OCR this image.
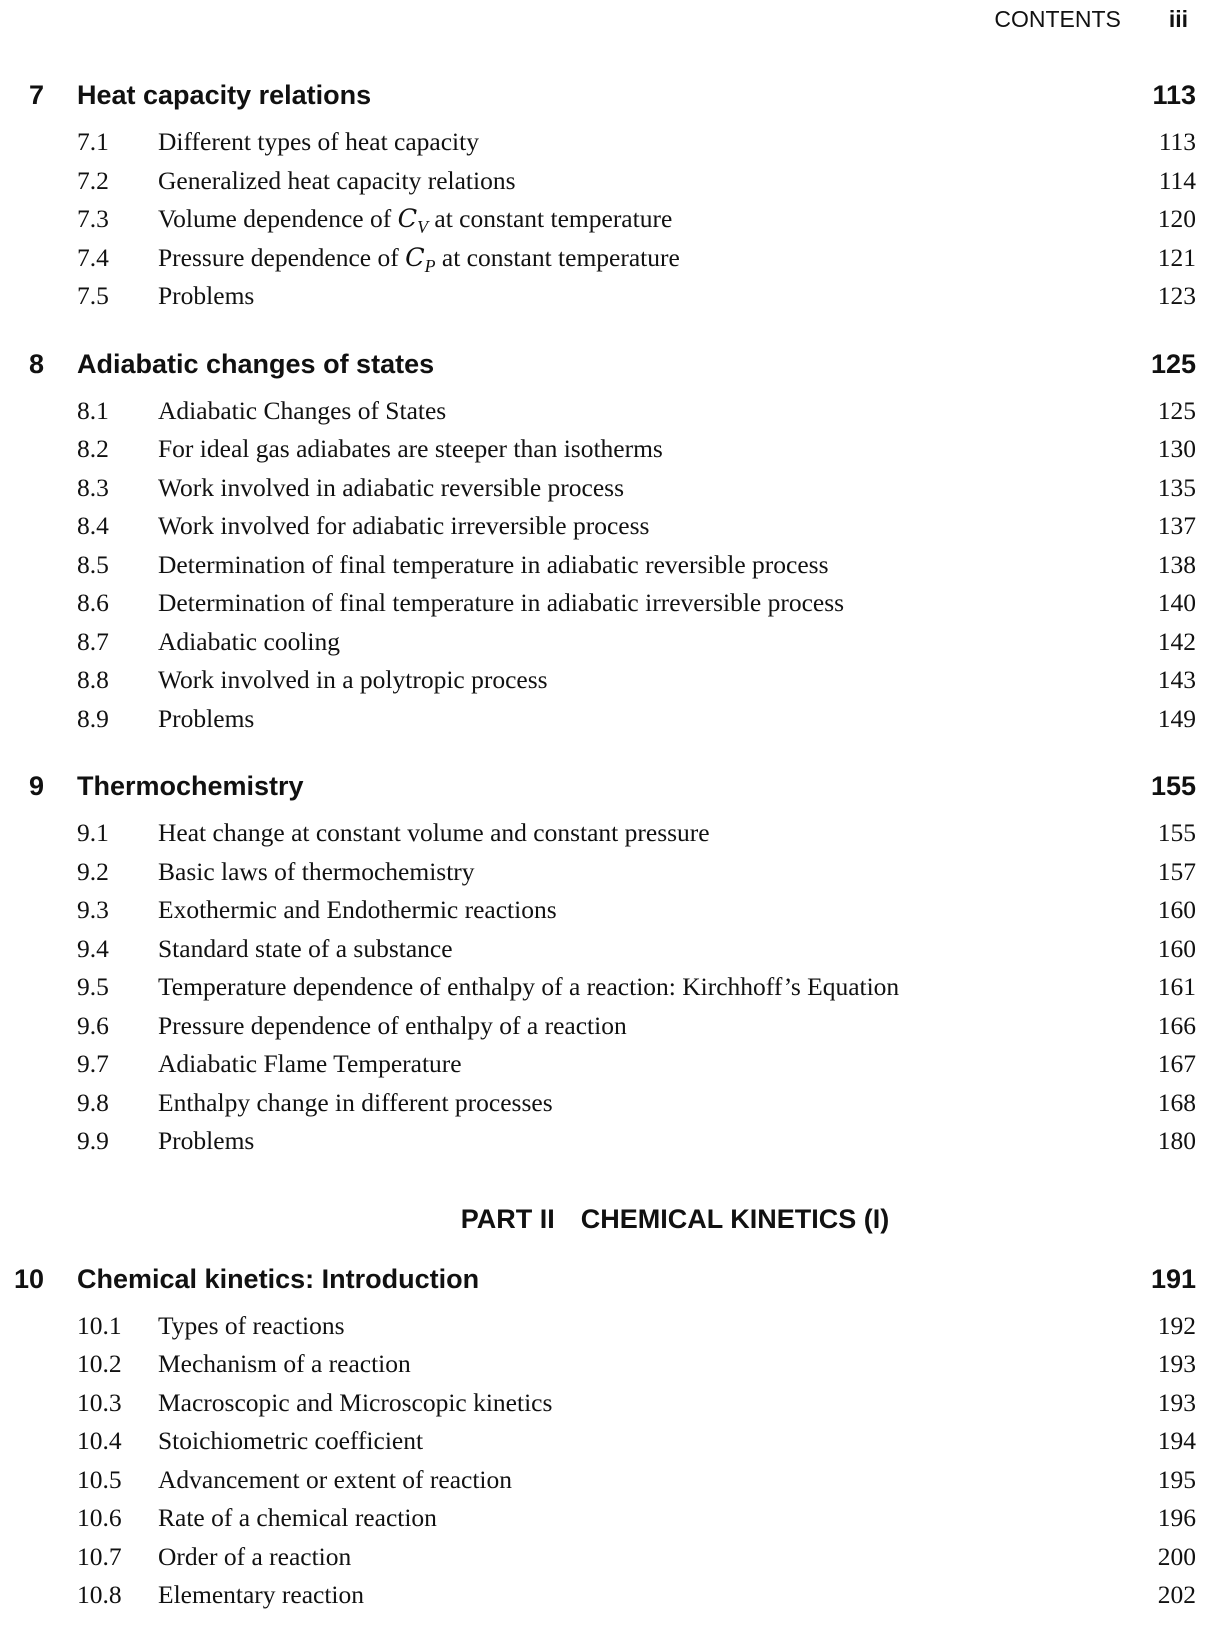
CONTENTS iii
7 Heat capacity relations	113
7.1 Different types of heat capacity	113
7.2 Generalized heat capacity relations	114
7.3 Volume dependence of $C_V$ at constant temperature	120
7.4 Pressure dependence of $C_P$ at constant temperature	121
7.5 Problems	123
8 Adiabatic changes of states	125
8.1 Adiabatic Changes of States	125
8.2 For ideal gas adiabates are steeper than isotherms	130
8.3 Work involved in adiabatic reversible process	135
8.4 Work involved for adiabatic irreversible process	137
8.5 Determination of final temperature in adiabatic reversible process	138
8.6 Determination of final temperature in adiabatic irreversible process	140
8.7 Adiabatic cooling	142
8.8 Work involved in a polytropic process	143
8.9 Problems	149
9 Thermochemistry	155
9.1 Heat change at constant volume and constant pressure	155
9.2 Basic laws of thermochemistry	157
9.3 Exothermic and Endothermic reactions	160
9.4 Standard state of a substance	160
9.5 Temperature dependence of enthalpy of a reaction: Kirchhoff’s Equation	161
9.6 Pressure dependence of enthalpy of a reaction	166
9.7 Adiabatic Flame Temperature	167
9.8 Enthalpy change in different processes	168
9.9 Problems	180
PART II CHEMICAL KINETICS (I)
10 Chemical kinetics: Introduction	191
10.1 Types of reactions	192
10.2 Mechanism of a reaction	193
10.3 Macroscopic and Microscopic kinetics	193
10.4 Stoichiometric coefficient	194
10.5 Advancement or extent of reaction	195
10.6 Rate of a chemical reaction	196
10.7 Order of a reaction	200
10.8 Elementary reaction	202
